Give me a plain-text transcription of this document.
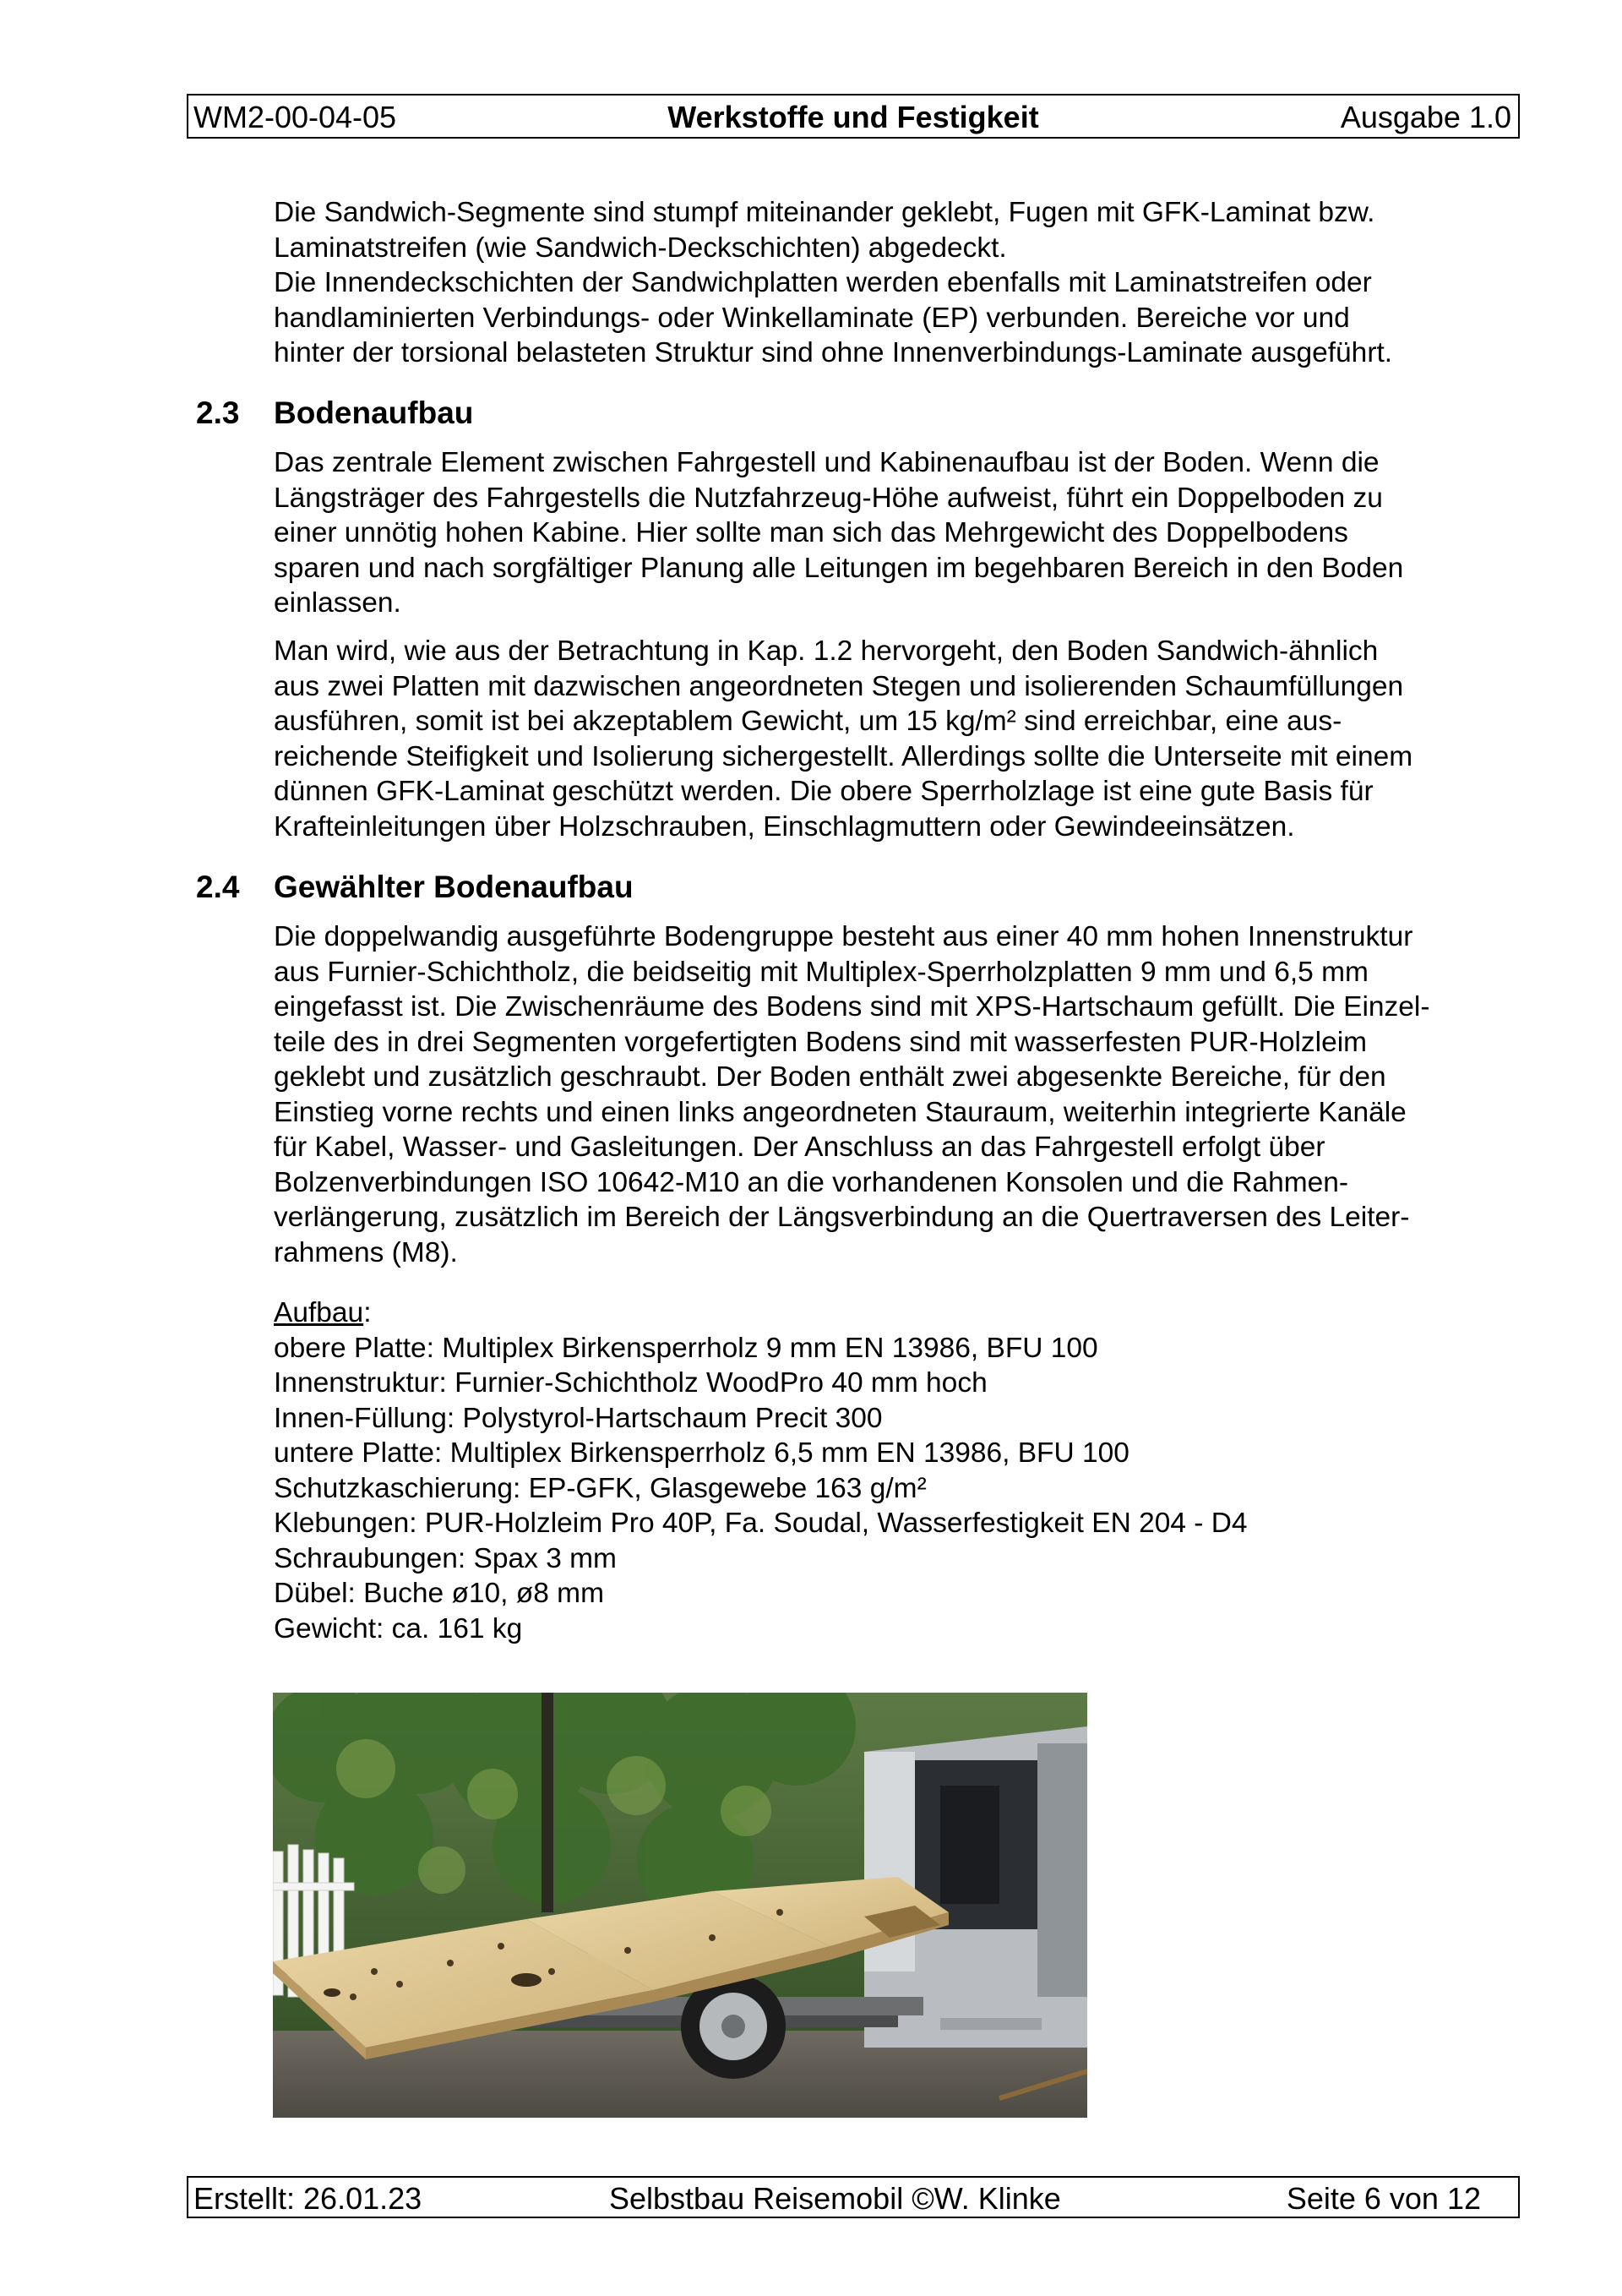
WM2-00-04-05	Werkstoffe und Festigkeit	Ausgabe 1.0

Die Sandwich-Segmente sind stumpf miteinander geklebt, Fugen mit GFK-Laminat bzw.
Laminatstreifen (wie Sandwich-Deckschichten) abgedeckt.
Die Innendeckschichten der Sandwichplatten werden ebenfalls mit Laminatstreifen oder
handlaminierten Verbindungs- oder Winkellaminate (EP) verbunden. Bereiche vor und
hinter der torsional belasteten Struktur sind ohne Innenverbindungs-Laminate ausgeführt.

2.3 Bodenaufbau

Das zentrale Element zwischen Fahrgestell und Kabinenaufbau ist der Boden. Wenn die
Längsträger des Fahrgestells die Nutzfahrzeug-Höhe aufweist, führt ein Doppelboden zu
einer unnötig hohen Kabine. Hier sollte man sich das Mehrgewicht des Doppelbodens
sparen und nach sorgfältiger Planung alle Leitungen im begehbaren Bereich in den Boden
einlassen.

Man wird, wie aus der Betrachtung in Kap. 1.2 hervorgeht, den Boden Sandwich-ähnlich
aus zwei Platten mit dazwischen angeordneten Stegen und isolierenden Schaumfüllungen
ausführen, somit ist bei akzeptablem Gewicht, um 15 kg/m² sind erreichbar, eine aus-
reichende Steifigkeit und Isolierung sichergestellt. Allerdings sollte die Unterseite mit einem
dünnen GFK-Laminat geschützt werden. Die obere Sperrholzlage ist eine gute Basis für
Krafteinleitungen über Holzschrauben, Einschlagmuttern oder Gewindeeinsätzen.

2.4 Gewählter Bodenaufbau

Die doppelwandig ausgeführte Bodengruppe besteht aus einer 40 mm hohen Innenstruktur
aus Furnier-Schichtholz, die beidseitig mit Multiplex-Sperrholzplatten 9 mm und 6,5 mm
eingefasst ist. Die Zwischenräume des Bodens sind mit XPS-Hartschaum gefüllt. Die Einzel-
teile des in drei Segmenten vorgefertigten Bodens sind mit wasserfesten PUR-Holzleim
geklebt und zusätzlich geschraubt. Der Boden enthält zwei abgesenkte Bereiche, für den
Einstieg vorne rechts und einen links angeordneten Stauraum, weiterhin integrierte Kanäle
für Kabel, Wasser- und Gasleitungen. Der Anschluss an das Fahrgestell erfolgt über
Bolzenverbindungen ISO 10642-M10 an die vorhandenen Konsolen und die Rahmen-
verlängerung, zusätzlich im Bereich der Längsverbindung an die Quertraversen des Leiter-
rahmens (M8).

Aufbau:
obere Platte: Multiplex Birkensperrholz 9 mm EN 13986, BFU 100
Innenstruktur: Furnier-Schichtholz WoodPro 40 mm hoch
Innen-Füllung: Polystyrol-Hartschaum Precit 300
untere Platte: Multiplex Birkensperrholz 6,5 mm EN 13986, BFU 100
Schutzkaschierung: EP-GFK, Glasgewebe 163 g/m²
Klebungen: PUR-Holzleim Pro 40P, Fa. Soudal, Wasserfestigkeit EN 204 - D4
Schraubungen: Spax 3 mm
Dübel: Buche ø10, ø8 mm
Gewicht: ca. 161 kg

Erstellt: 26.01.23	Selbstbau Reisemobil ©W. Klinke	Seite 6 von 12
